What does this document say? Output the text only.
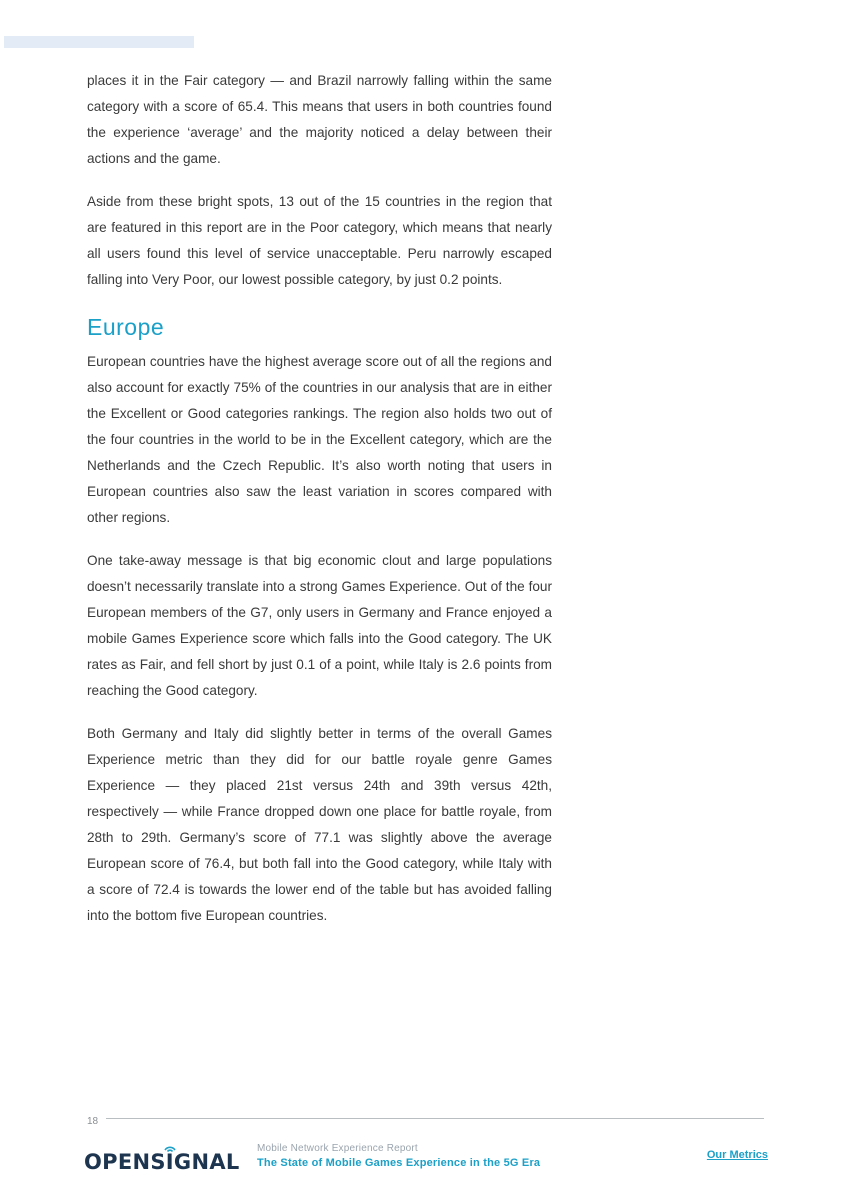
places it in the Fair category — and Brazil narrowly falling within the same category with a score of 65.4. This means that users in both countries found the experience ‘average’ and the majority noticed a delay between their actions and the game.

Aside from these bright spots, 13 out of the 15 countries in the region that are featured in this report are in the Poor category, which means that nearly all users found this level of service unacceptable. Peru narrowly escaped falling into Very Poor, our lowest possible category, by just 0.2 points.

Europe

European countries have the highest average score out of all the regions and also account for exactly 75% of the countries in our analysis that are in either the Excellent or Good categories rankings. The region also holds two out of the four countries in the world to be in the Excellent category, which are the Netherlands and the Czech Republic. It’s also worth noting that users in European countries also saw the least variation in scores compared with other regions.

One take-away message is that big economic clout and large populations doesn’t necessarily translate into a strong Games Experience. Out of the four European members of the G7, only users in Germany and France enjoyed a mobile Games Experience score which falls into the Good category. The UK rates as Fair, and fell short by just 0.1 of a point, while Italy is 2.6 points from reaching the Good category.

Both Germany and Italy did slightly better in terms of the overall Games Experience metric than they did for our battle royale genre Games Experience — they placed 21st versus 24th and 39th versus 42th, respectively — while France dropped down one place for battle royale, from 28th to 29th. Germany’s score of 77.1 was slightly above the average European score of 76.4, but both fall into the Good category, while Italy with a score of 72.4 is towards the lower end of the table but has avoided falling into the bottom five European countries.

18
OPENS I GNAL
Mobile Network Experience Report
The State of Mobile Games Experience in the 5G Era
Our Metrics
